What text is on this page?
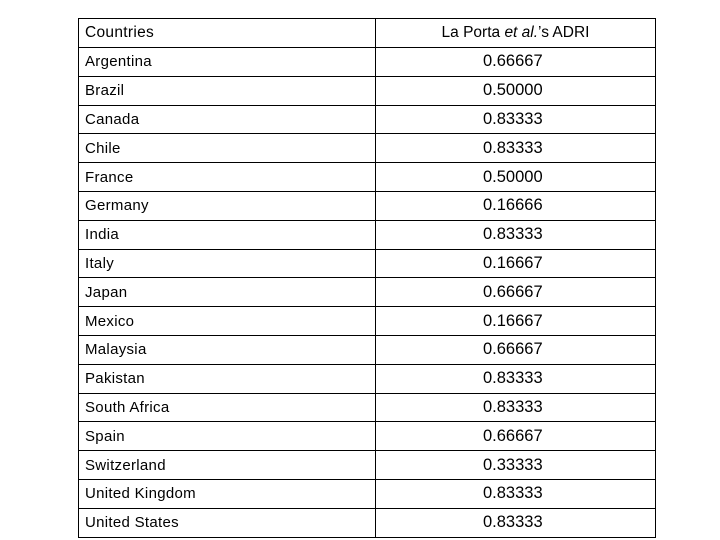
Countries	La Porta et al.’s ADRI
Argentina	0.66667
Brazil	0.50000
Canada	0.83333
Chile	0.83333
France	0.50000
Germany	0.16666
India	0.83333
Italy	0.16667
Japan	0.66667
Mexico	0.16667
Malaysia	0.66667
Pakistan	0.83333
South Africa	0.83333
Spain	0.66667
Switzerland	0.33333
United Kingdom	0.83333
United States	0.83333
